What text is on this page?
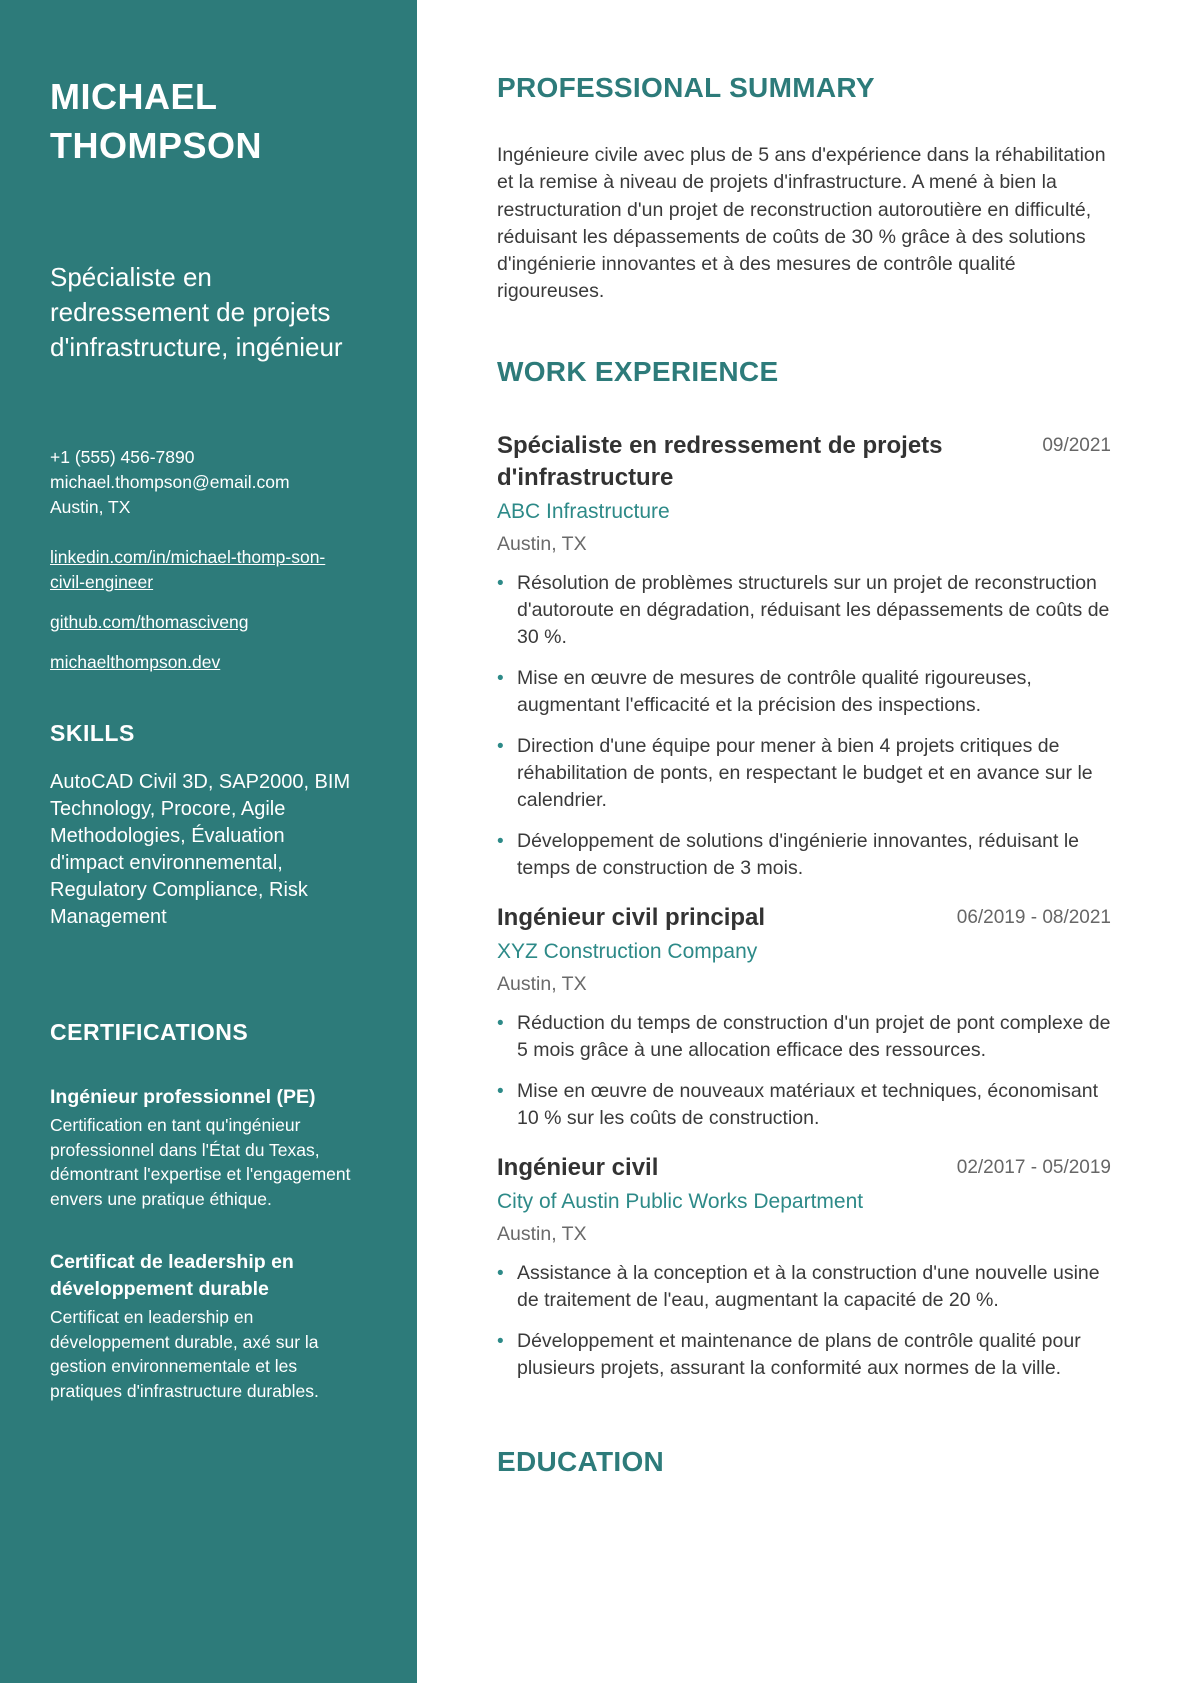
MICHAEL
THOMPSON
Spécialiste en redressement de projets d'infrastructure, ingénieur
+1 (555) 456-7890
michael.thompson@email.com
Austin, TX
linkedin.com/in/michael-thomp-son-civil-engineer
github.com/thomasciveng
michaelthompson.dev
SKILLS
AutoCAD Civil 3D, SAP2000, BIM Technology, Procore, Agile Methodologies, Évaluation d'impact environnemental, Regulatory Compliance, Risk Management
CERTIFICATIONS
Ingénieur professionnel (PE)
Certification en tant qu'ingénieur professionnel dans l'État du Texas, démontrant l'expertise et l'engagement envers une pratique éthique.
Certificat de leadership en développement durable
Certificat en leadership en développement durable, axé sur la gestion environnementale et les pratiques d'infrastructure durables.
PROFESSIONAL SUMMARY

Ingénieure civile avec plus de 5 ans d'expérience dans la réhabilitation et la remise à niveau de projets d'infrastructure. A mené à bien la restructuration d'un projet de reconstruction autoroutière en difficulté, réduisant les dépassements de coûts de 30 % grâce à des solutions d'ingénierie innovantes et à des mesures de contrôle qualité rigoureuses.

WORK EXPERIENCE
Spécialiste en redressement de projets d'infrastructure
09/2021
ABC Infrastructure
Austin, TX
• Résolution de problèmes structurels sur un projet de reconstruction d'autoroute en dégradation, réduisant les dépassements de coûts de 30 %.
• Mise en œuvre de mesures de contrôle qualité rigoureuses, augmentant l'efficacité et la précision des inspections.
• Direction d'une équipe pour mener à bien 4 projets critiques de réhabilitation de ponts, en respectant le budget et en avance sur le calendrier.
• Développement de solutions d'ingénierie innovantes, réduisant le temps de construction de 3 mois.
Ingénieur civil principal	06/2019 - 08/2021
XYZ Construction Company
Austin, TX
• Réduction du temps de construction d'un projet de pont complexe de 5 mois grâce à une allocation efficace des ressources.
• Mise en œuvre de nouveaux matériaux et techniques, économisant 10 % sur les coûts de construction.
Ingénieur civil	02/2017 - 05/2019
City of Austin Public Works Department
Austin, TX
• Assistance à la conception et à la construction d'une nouvelle usine de traitement de l'eau, augmentant la capacité de 20 %.
• Développement et maintenance de plans de contrôle qualité pour plusieurs projets, assurant la conformité aux normes de la ville.
EDUCATION
